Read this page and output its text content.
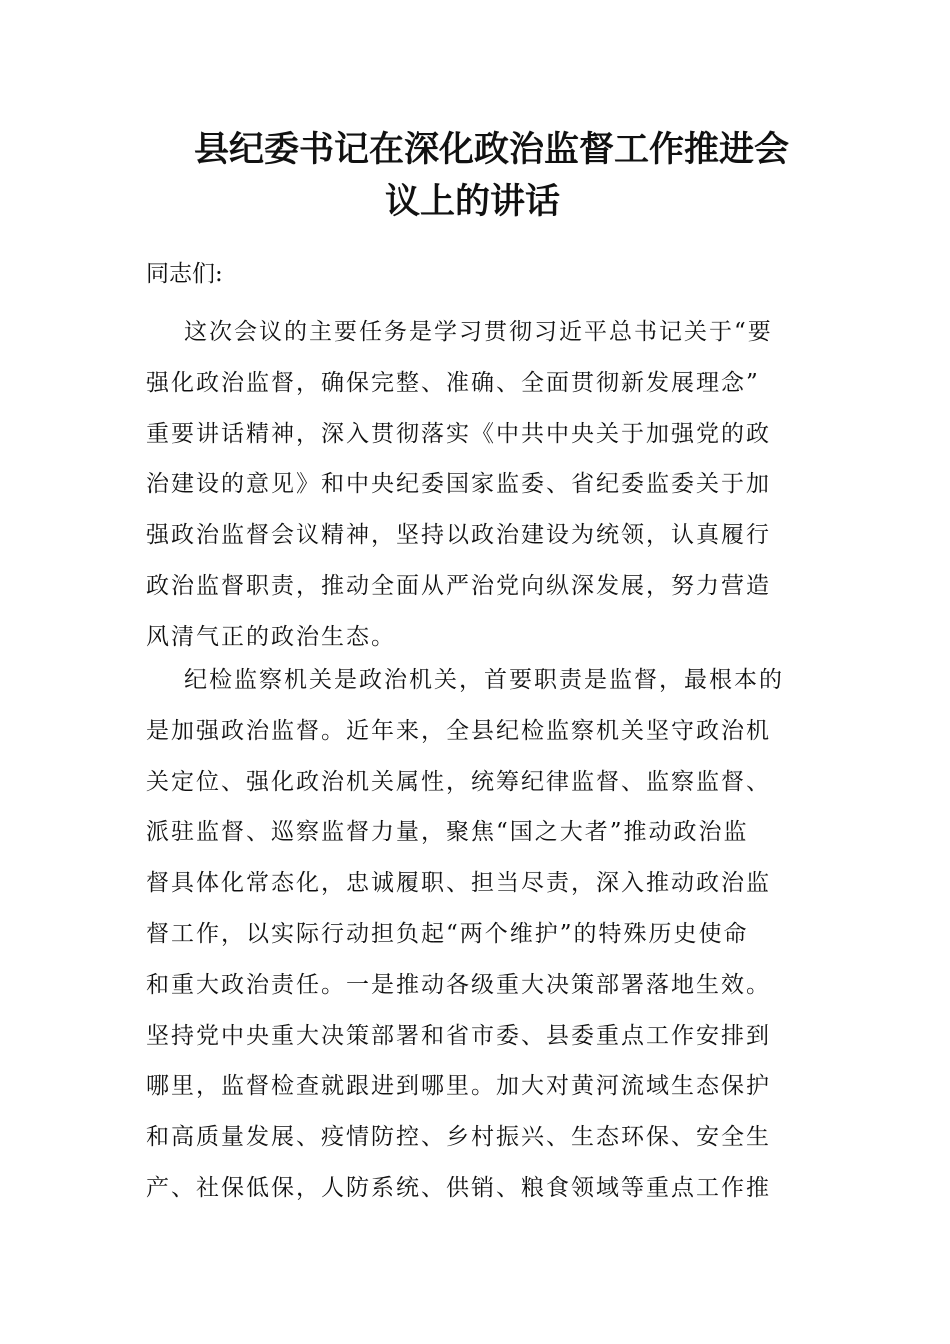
县纪委书记在深化政治监督工作推进会
议上的讲话

同志们:

这次会议的主要任务是学习贯彻习近平总书记关于“要
强化政治监督，确保完整、准确、全面贯彻新发展理念”
重要讲话精神，深入贯彻落实《中共中央关于加强党的政
治建设的意见》和中央纪委国家监委、省纪委监委关于加
强政治监督会议精神，坚持以政治建设为统领，认真履行
政治监督职责，推动全面从严治党向纵深发展，努力营造
风清气正的政治生态。
纪检监察机关是政治机关，首要职责是监督，最根本的
是加强政治监督。近年来，全县纪检监察机关坚守政治机
关定位、强化政治机关属性，统筹纪律监督、监察监督、
派驻监督、巡察监督力量，聚焦“国之大者”推动政治监
督具体化常态化，忠诚履职、担当尽责，深入推动政治监
督工作，以实际行动担负起“两个维护”的特殊历史使命
和重大政治责任。一是推动各级重大决策部署落地生效。
坚持党中央重大决策部署和省市委、县委重点工作安排到
哪里，监督检查就跟进到哪里。加大对黄河流域生态保护
和高质量发展、疫情防控、乡村振兴、生态环保、安全生
产、社保低保，人防系统、供销、粮食领域等重点工作推
